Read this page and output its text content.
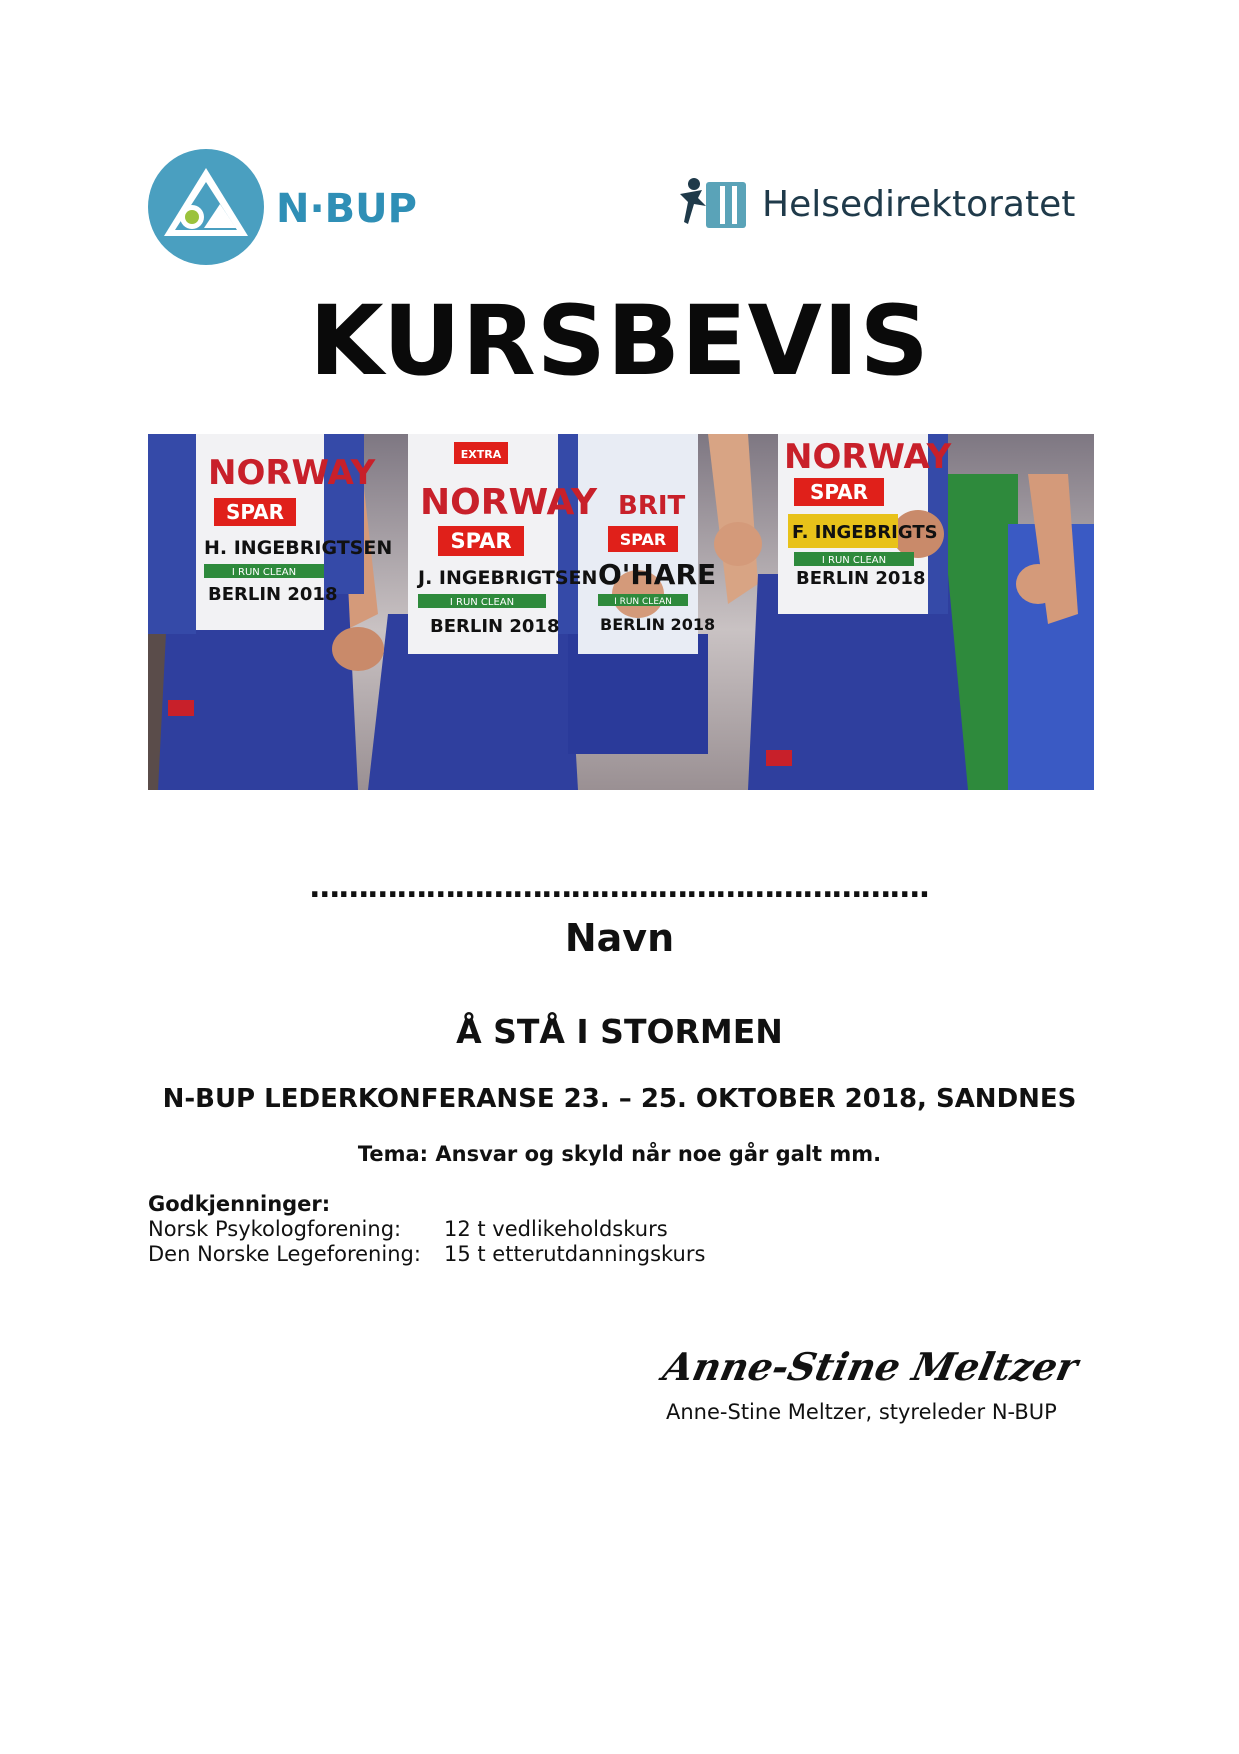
N·BUP	Helsedirektoratet
KURSBEVIS
EXTRA
NORWAY
SPAR
H. INGEBRIGTSEN
I RUN CLEAN
BERLIN 2018
NORWAY
SPAR
J. INGEBRIGTSEN
I RUN CLEAN
BERLIN 2018
BRIT
SPAR
O'HARE
I RUN CLEAN
BERLIN 2018
NORWAY
SPAR
F. INGEBRIGTS
I RUN CLEAN
BERLIN 2018
……………………………………………………….
Navn
Å STÅ I STORMEN
N-BUP LEDERKONFERANSE 23. – 25. OKTOBER 2018, SANDNES
Tema: Ansvar og skyld når noe går galt mm.
Godkjenninger:
Norsk Psykologforening:	12 t vedlikeholdskurs
Den Norske Legeforening:	15 t etterutdanningskurs
Anne-Stine Meltzer
Anne-Stine Meltzer, styreleder N-BUP
